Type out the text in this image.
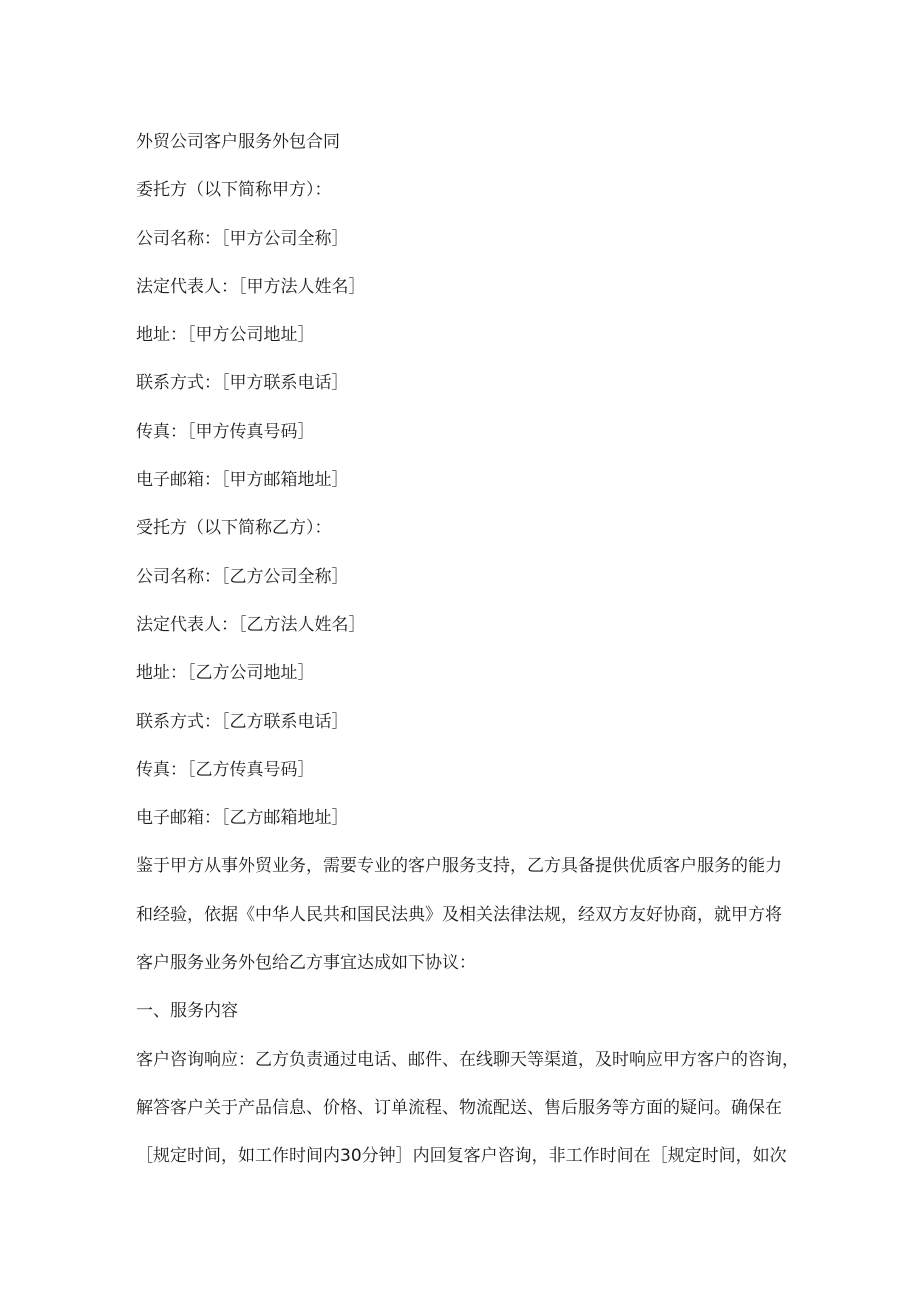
外贸公司客户服务外包合同
委托方（以下简称甲方）：
公司名称：［甲方公司全称］
法定代表人：［甲方法人姓名］
地址：［甲方公司地址］
联系方式：［甲方联系电话］
传真：［甲方传真号码］
电子邮箱：［甲方邮箱地址］
受托方（以下简称乙方）：
公司名称：［乙方公司全称］
法定代表人：［乙方法人姓名］
地址：［乙方公司地址］
联系方式：［乙方联系电话］
传真：［乙方传真号码］
电子邮箱：［乙方邮箱地址］
鉴于甲方从事外贸业务，需要专业的客户服务支持，乙方具备提供优质客户服务的能力
和经验，依据《中华人民共和国民法典》及相关法律法规，经双方友好协商，就甲方将
客户服务业务外包给乙方事宜达成如下协议：
一、服务内容
客户咨询响应：乙方负责通过电话、邮件、在线聊天等渠道，及时响应甲方客户的咨询，
解答客户关于产品信息、价格、订单流程、物流配送、售后服务等方面的疑问。确保在
［规定时间，如工作时间内30分钟］内回复客户咨询，非工作时间在［规定时间，如次
